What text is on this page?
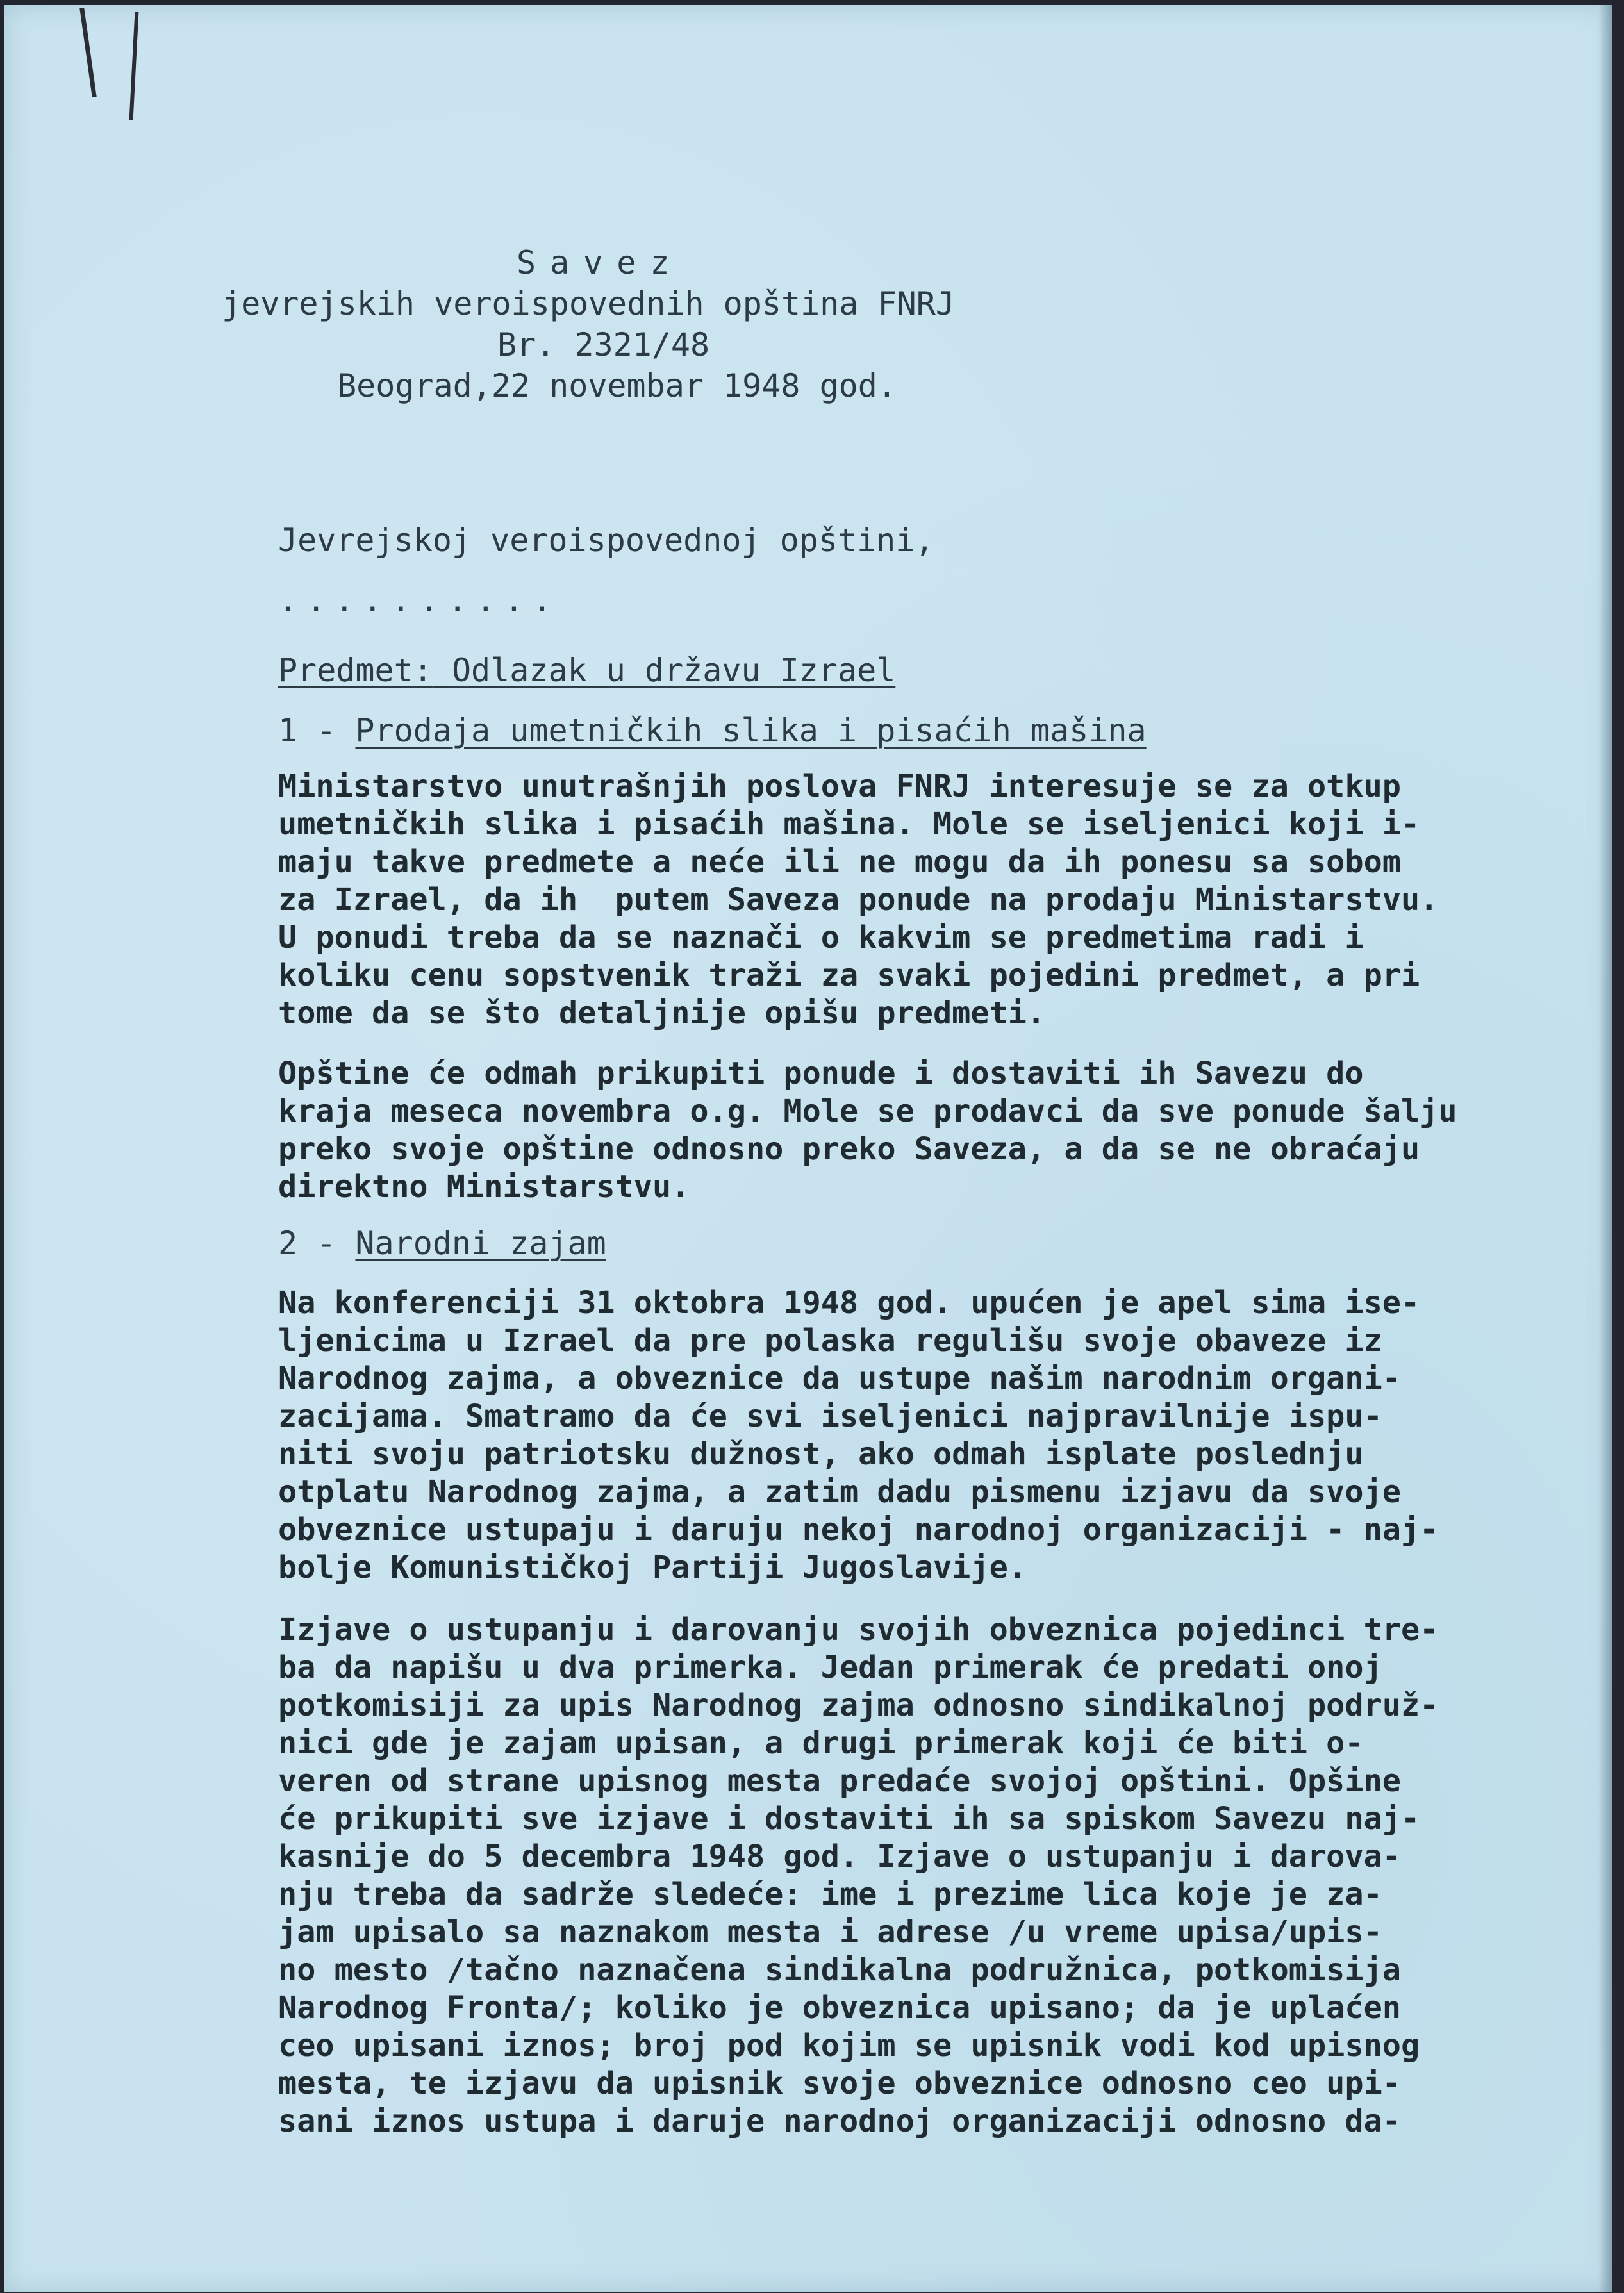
Savez
jevrejskih veroispovednih opština FNRJ
Br. 2321/48
Beograd,22 novembar 1948 god.
Jevrejskoj veroispovednoj opštini,
..........
Predmet: Odlazak u državu Izrael
1 - Prodaja umetničkih slika i pisaćih mašina
Ministarstvo unutrašnjih poslova FNRJ interesuje se za otkup
umetničkih slika i pisaćih mašina. Mole se iseljenici koji i-
maju takve predmete a neće ili ne mogu da ih ponesu sa sobom
za Izrael, da ih  putem Saveza ponude na prodaju Ministarstvu.
U ponudi treba da se naznači o kakvim se predmetima radi i
koliku cenu sopstvenik traži za svaki pojedini predmet, a pri
tome da se što detaljnije opišu predmeti.
Opštine će odmah prikupiti ponude i dostaviti ih Savezu do
kraja meseca novembra o.g. Mole se prodavci da sve ponude šalju
preko svoje opštine odnosno preko Saveza, a da se ne obraćaju
direktno Ministarstvu.
2 - Narodni zajam
Na konferenciji 31 oktobra 1948 god. upućen je apel sima ise-
ljenicima u Izrael da pre polaska regulišu svoje obaveze iz
Narodnog zajma, a obveznice da ustupe našim narodnim organi-
zacijama. Smatramo da će svi iseljenici najpravilnije ispu-
niti svoju patriotsku dužnost, ako odmah isplate poslednju
otplatu Narodnog zajma, a zatim dadu pismenu izjavu da svoje
obveznice ustupaju i daruju nekoj narodnoj organizaciji - naj-
bolje Komunističkoj Partiji Jugoslavije.
Izjave o ustupanju i darovanju svojih obveznica pojedinci tre-
ba da napišu u dva primerka. Jedan primerak će predati onoj
potkomisiji za upis Narodnog zajma odnosno sindikalnoj podruž-
nici gde je zajam upisan, a drugi primerak koji će biti o-
veren od strane upisnog mesta predaće svojoj opštini. Opšine
će prikupiti sve izjave i dostaviti ih sa spiskom Savezu naj-
kasnije do 5 decembra 1948 god. Izjave o ustupanju i darova-
nju treba da sadrže sledeće: ime i prezime lica koje je za-
jam upisalo sa naznakom mesta i adrese /u vreme upisa/upis-
no mesto /tačno naznačena sindikalna podružnica, potkomisija
Narodnog Fronta/; koliko je obveznica upisano; da je uplaćen
ceo upisani iznos; broj pod kojim se upisnik vodi kod upisnog
mesta, te izjavu da upisnik svoje obveznice odnosno ceo upi-
sani iznos ustupa i daruje narodnoj organizaciji odnosno da-
